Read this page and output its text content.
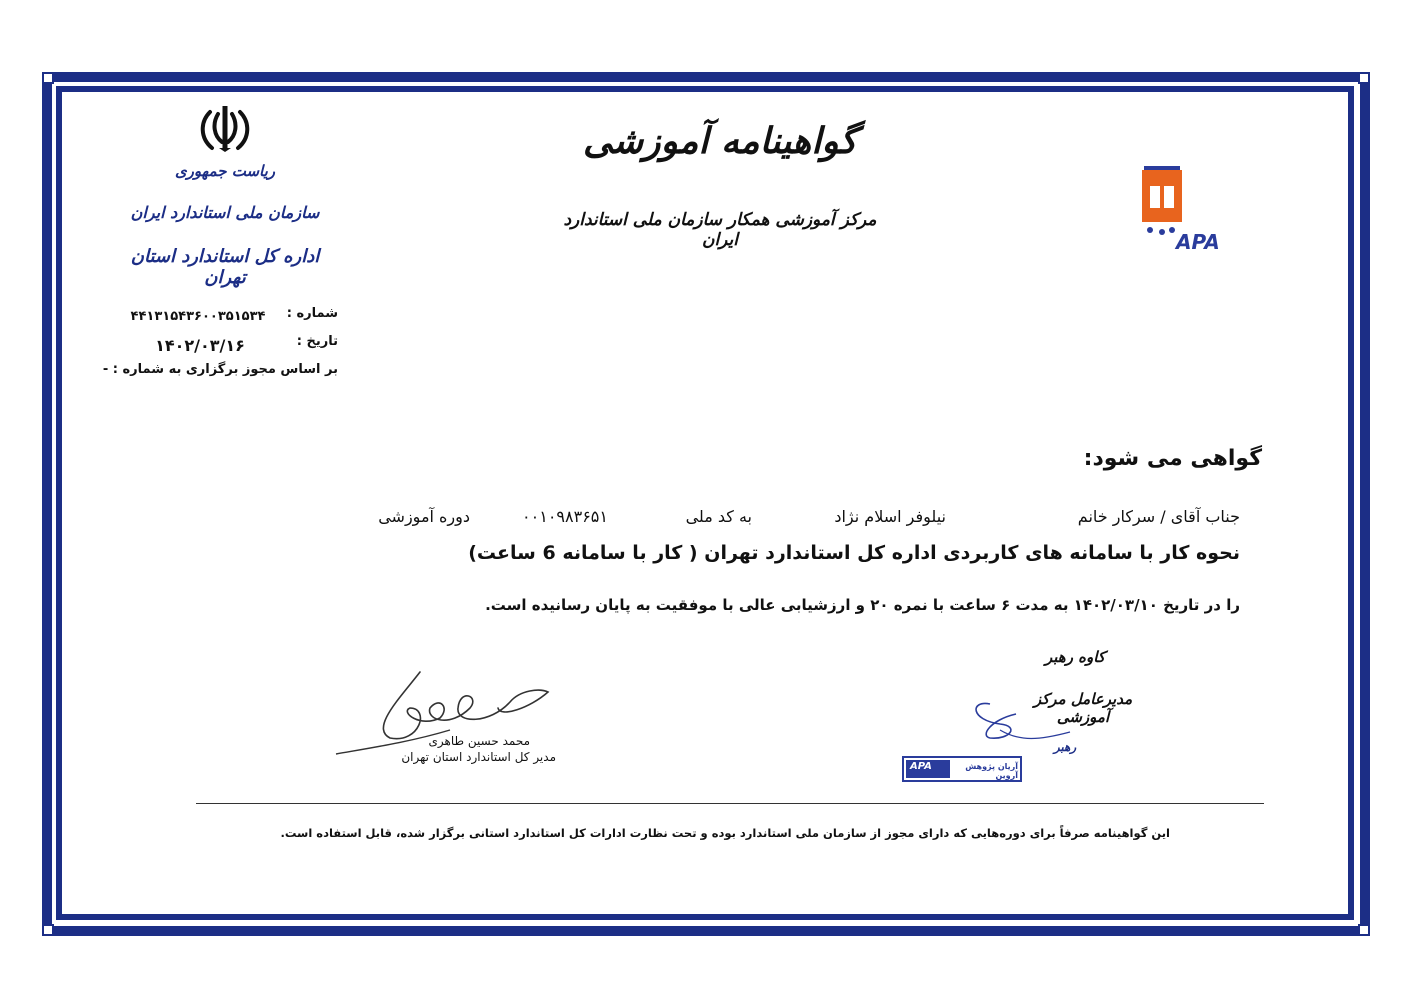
ریاست جمهوری
سازمان ملی استاندارد ایران
اداره کل استاندارد استان تهران
شماره :
۴۴۱۳۱۵۴۳۶۰۰۳۵۱۵۳۴
تاریخ :
۱۴۰۲/۰۳/۱۶
بر اساس مجوز برگزاری به شماره : -
گواهینامه آموزشی
مرکز آموزشی همکار سازمان ملی استاندارد ایران	APA
گواهی می شود:
جناب آقای / سرکار خانم
نیلوفر اسلام نژاد
به کد ملی
۰۰۱۰۹۸۳۶۵۱
دوره آموزشی
نحوه کار با سامانه های کاربردی اداره کل استاندارد تهران ( کار با سامانه 6 ساعت)
را در تاریخ ۱۴۰۲/۰۳/۱۰ به مدت ۶ ساعت با نمره ۲۰ و ارزشیابی عالی با موفقیت به پایان رسانیده است.
محمد حسین طاهری
مدیر کل استاندارد استان تهران
کاوه رهبر
مدیرعامل مرکز آموزشی
رهبر
APA	آریان پژوهش آروین
این گواهینامه صرفاً برای دوره‌هایی که دارای مجوز از سازمان ملی استاندارد بوده و تحت نظارت ادارات کل استاندارد استانی برگزار شده، قابل استفاده است.
